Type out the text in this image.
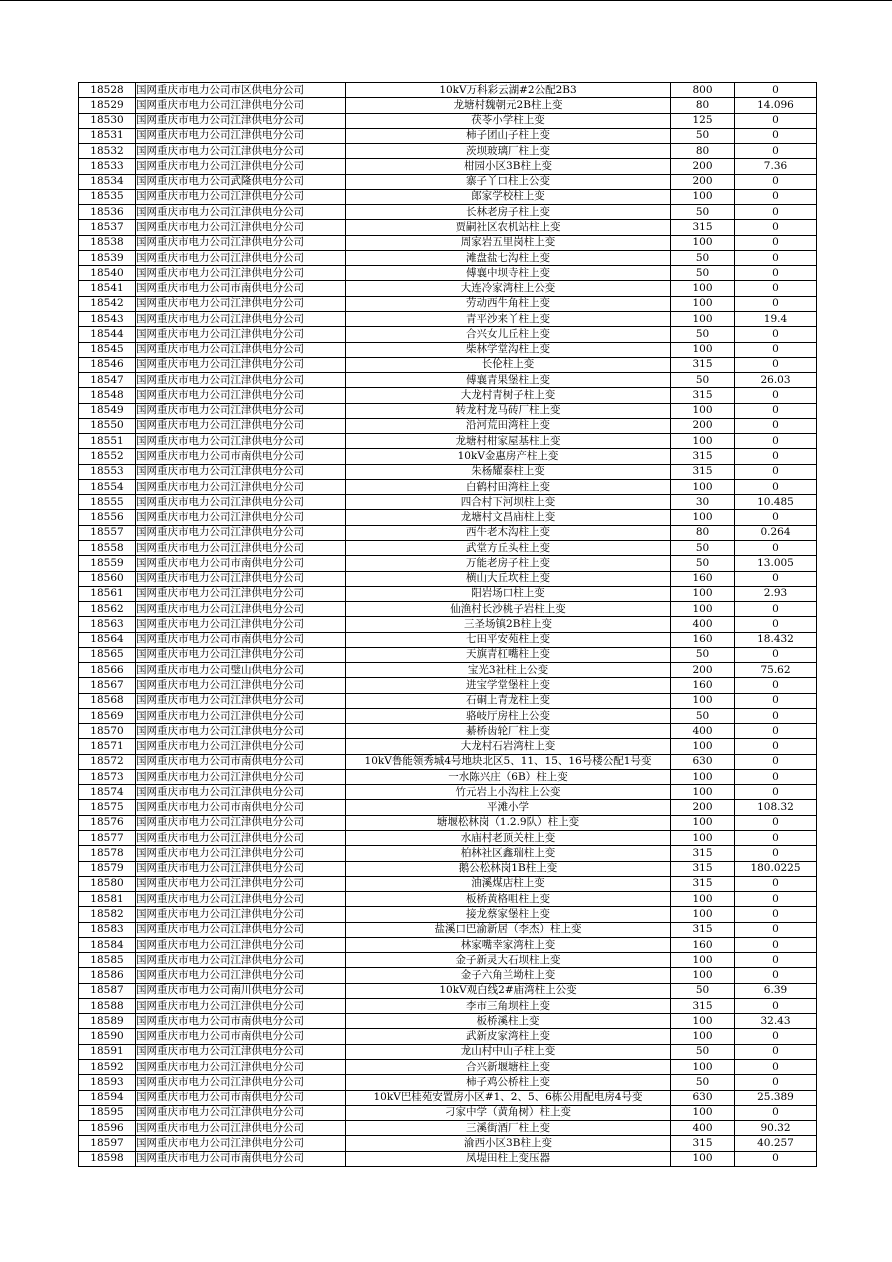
18528	国网重庆市电力公司市区供电分公司	10kV万科彩云湖#2公配2B3	800	0
18529	国网重庆市电力公司江津供电分公司	龙塘村魏朝元2B柱上变	80	14.096
18530	国网重庆市电力公司江津供电分公司	茯苓小学柱上变	125	0
18531	国网重庆市电力公司江津供电分公司	柿子团山子柱上变	50	0
18532	国网重庆市电力公司江津供电分公司	茨坝玻璃厂柱上变	80	0
18533	国网重庆市电力公司江津供电分公司	柑园小区3B柱上变	200	7.36
18534	国网重庆市电力公司武隆供电分公司	寨子丫口柱上公变	200	0
18535	国网重庆市电力公司江津供电分公司	郎家学校柱上变	100	0
18536	国网重庆市电力公司江津供电分公司	长林老房子柱上变	50	0
18537	国网重庆市电力公司江津供电分公司	贾嗣社区农机站柱上变	315	0
18538	国网重庆市电力公司江津供电分公司	周家岩五里岗柱上变	100	0
18539	国网重庆市电力公司江津供电分公司	滩盘盐七沟柱上变	50	0
18540	国网重庆市电力公司江津供电分公司	傅襄中坝寺柱上变	50	0
18541	国网重庆市电力公司市南供电分公司	大连冷家湾柱上公变	100	0
18542	国网重庆市电力公司江津供电分公司	劳动西牛角柱上变	100	0
18543	国网重庆市电力公司江津供电分公司	青平沙来丫柱上变	100	19.4
18544	国网重庆市电力公司江津供电分公司	合兴女儿丘柱上变	50	0
18545	国网重庆市电力公司江津供电分公司	柴林学堂沟柱上变	100	0
18546	国网重庆市电力公司江津供电分公司	长伦柱上变	315	0
18547	国网重庆市电力公司江津供电分公司	傅襄青果堡柱上变	50	26.03
18548	国网重庆市电力公司江津供电分公司	大龙村青树子柱上变	315	0
18549	国网重庆市电力公司江津供电分公司	转龙村龙马砖厂柱上变	100	0
18550	国网重庆市电力公司江津供电分公司	沿河荒田湾柱上变	200	0
18551	国网重庆市电力公司江津供电分公司	龙塘村柑家屋基柱上变	100	0
18552	国网重庆市电力公司市南供电分公司	10kV金惠房产柱上变	315	0
18553	国网重庆市电力公司江津供电分公司	朱杨耀泰柱上变	315	0
18554	国网重庆市电力公司江津供电分公司	白鹤村田湾柱上变	100	0
18555	国网重庆市电力公司江津供电分公司	四合村下河坝柱上变	30	10.485
18556	国网重庆市电力公司江津供电分公司	龙塘村文昌庙柱上变	100	0
18557	国网重庆市电力公司江津供电分公司	西牛老木沟柱上变	80	0.264
18558	国网重庆市电力公司江津供电分公司	武堂方丘头柱上变	50	0
18559	国网重庆市电力公司市南供电分公司	万能老房子柱上变	50	13.005
18560	国网重庆市电力公司江津供电分公司	横山大丘坎柱上变	160	0
18561	国网重庆市电力公司江津供电分公司	阳岩场口柱上变	100	2.93
18562	国网重庆市电力公司江津供电分公司	仙渔村长沙桃子岩柱上变	100	0
18563	国网重庆市电力公司江津供电分公司	三圣场镇2B柱上变	400	0
18564	国网重庆市电力公司市南供电分公司	七田平安苑柱上变	160	18.432
18565	国网重庆市电力公司江津供电分公司	天旗青杠嘴柱上变	50	0
18566	国网重庆市电力公司璧山供电分公司	宝光3社柱上公变	200	75.62
18567	国网重庆市电力公司江津供电分公司	进宝学堂堡柱上变	160	0
18568	国网重庆市电力公司江津供电分公司	石硐上青龙柱上变	100	0
18569	国网重庆市电力公司江津供电分公司	骆岐厅房柱上公变	50	0
18570	国网重庆市电力公司江津供电分公司	綦桥齿轮厂柱上变	400	0
18571	国网重庆市电力公司江津供电分公司	大龙村石岩湾柱上变	100	0
18572	国网重庆市电力公司市南供电分公司	10kV鲁能领秀城4号地块北区5、11、15、16号楼公配1号变	630	0
18573	国网重庆市电力公司江津供电分公司	一水陈兴庄（6B）柱上变	100	0
18574	国网重庆市电力公司江津供电分公司	竹元岩上小沟柱上公变	100	0
18575	国网重庆市电力公司市南供电分公司	平滩小学	200	108.32
18576	国网重庆市电力公司江津供电分公司	塘堰松林岗（1.2.9队）柱上变	100	0
18577	国网重庆市电力公司江津供电分公司	水庙村老顶关柱上变	100	0
18578	国网重庆市电力公司江津供电分公司	柏林社区鑫瑞柱上变	315	0
18579	国网重庆市电力公司江津供电分公司	鹅公松林岗1B柱上变	315	180.0225
18580	国网重庆市电力公司江津供电分公司	油溪煤店柱上变	315	0
18581	国网重庆市电力公司江津供电分公司	板桥黄格咀柱上变	100	0
18582	国网重庆市电力公司江津供电分公司	接龙蔡家堡柱上变	100	0
18583	国网重庆市电力公司江津供电分公司	盐溪口巴渝新居（李杰）柱上变	315	0
18584	国网重庆市电力公司江津供电分公司	林家嘴幸家湾柱上变	160	0
18585	国网重庆市电力公司江津供电分公司	金子新灵大石坝柱上变	100	0
18586	国网重庆市电力公司江津供电分公司	金子六角兰坳柱上变	100	0
18587	国网重庆市电力公司南川供电分公司	10kV观白线2#庙湾柱上公变	50	6.39
18588	国网重庆市电力公司江津供电分公司	李市三角坝柱上变	315	0
18589	国网重庆市电力公司市南供电分公司	板桥溪柱上变	100	32.43
18590	国网重庆市电力公司市南供电分公司	武新皮家湾柱上变	100	0
18591	国网重庆市电力公司江津供电分公司	龙山村中山子柱上变	50	0
18592	国网重庆市电力公司江津供电分公司	合兴新堰塘柱上变	100	0
18593	国网重庆市电力公司江津供电分公司	柿子鸡公桥柱上变	50	0
18594	国网重庆市电力公司市南供电分公司	10kV巴桂苑安置房小区#1、2、5、6栋公用配电房4号变	630	25.389
18595	国网重庆市电力公司江津供电分公司	刁家中学（黄角树）柱上变	100	0
18596	国网重庆市电力公司江津供电分公司	三溪街酒厂柱上变	400	90.32
18597	国网重庆市电力公司江津供电分公司	渝西小区3B柱上变	315	40.257
18598	国网重庆市电力公司市南供电分公司	凤堤田柱上变压器	100	0
